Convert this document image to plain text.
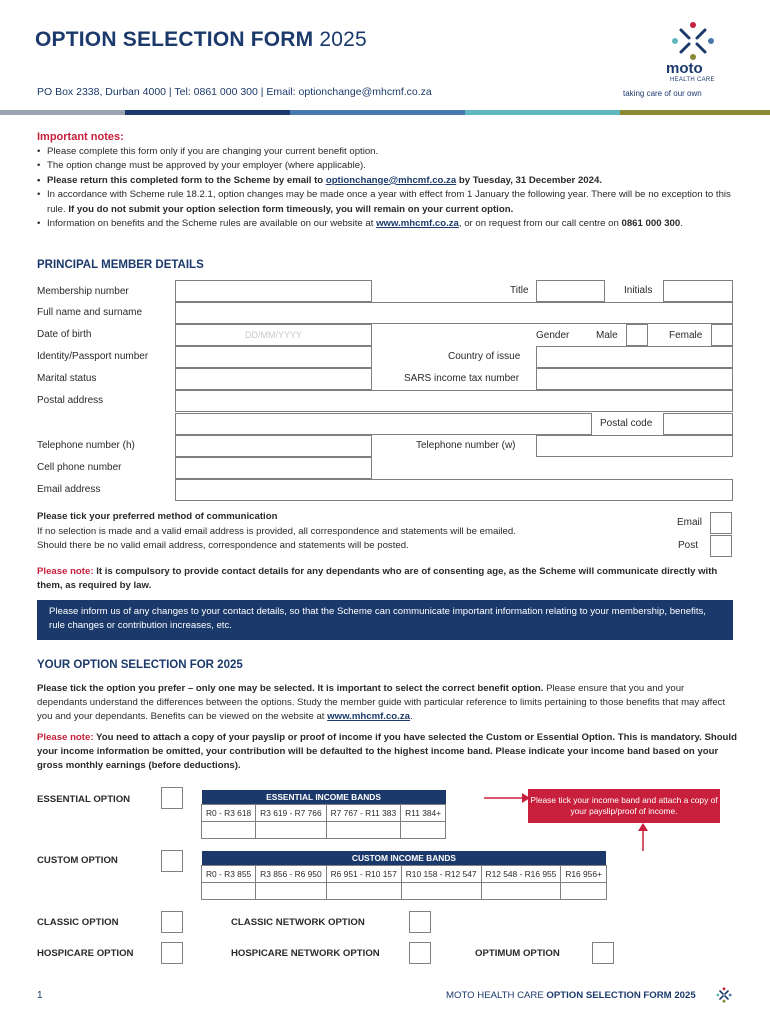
OPTION SELECTION FORM 2025
PO Box 2338, Durban 4000 | Tel: 0861 000 300 | Email: optionchange@mhcmf.co.za
moto
HEALTH CARE
taking care of our own
Important notes:
• Please complete this form only if you are changing your current benefit option.
• The option change must be approved by your employer (where applicable).
• Please return this completed form to the Scheme by email to optionchange@mhcmf.co.za by Tuesday, 31 December 2024.
• In accordance with Scheme rule 18.2.1, option changes may be made once a year with effect from 1 January the following year. There will be no exception to this rule. If you do not submit your option selection form timeously, you will remain on your current option.
• Information on benefits and the Scheme rules are available on our website at www.mhcmf.co.za, or on request from our call centre on 0861 000 300.
PRINCIPAL MEMBER DETAILS
Membership number	Title	Initials
Full name and surname
Date of birth	DD/MM/YYYY	Gender	Male	Female
Identity/Passport number	Country of issue
Marital status	SARS income tax number
Postal address
Postal code
Telephone number (h)	Telephone number (w)
Cell phone number
Email address
Please tick your preferred method of communication
If no selection is made and a valid email address is provided, all correspondence and statements will be emailed.
Should there be no valid email address, correspondence and statements will be posted.
Email
Post
Please note: It is compulsory to provide contact details for any dependants who are of consenting age, as the Scheme will communicate directly with them, as required by law.
Please inform us of any changes to your contact details, so that the Scheme can communicate important information relating to your membership, benefits, rule changes or contribution increases, etc.
YOUR OPTION SELECTION FOR 2025
Please tick the option you prefer – only one may be selected. It is important to select the correct benefit option. Please ensure that you and your dependants understand the differences between the options. Study the member guide with particular reference to limits pertaining to those benefits that may affect you and your dependants. Benefits can be viewed on the website at www.mhcmf.co.za.
Please note: You need to attach a copy of your payslip or proof of income if you have selected the Custom or Essential Option. This is mandatory. Should your income information be omitted, your contribution will be defaulted to the highest income band. Please indicate your income band based on your gross monthly earnings (before deductions).
ESSENTIAL OPTION	ESSENTIAL INCOME BANDS			
R0 - R3 618	R3 619 - R7 766	R7 767 - R11 383	R11 384+

Please tick your income band and attach a copy of your payslip/proof of income.
CUSTOM OPTION	CUSTOM INCOME BANDS					
R0 - R3 855	R3 856 - R6 950	R6 951 - R10 157	R10 158 - R12 547	R12 548 - R16 955	R16 956+

CLASSIC OPTION	CLASSIC NETWORK OPTION
HOSPICARE OPTION	HOSPICARE NETWORK OPTION	OPTIMUM OPTION
1	MOTO HEALTH CARE OPTION SELECTION FORM 2025
